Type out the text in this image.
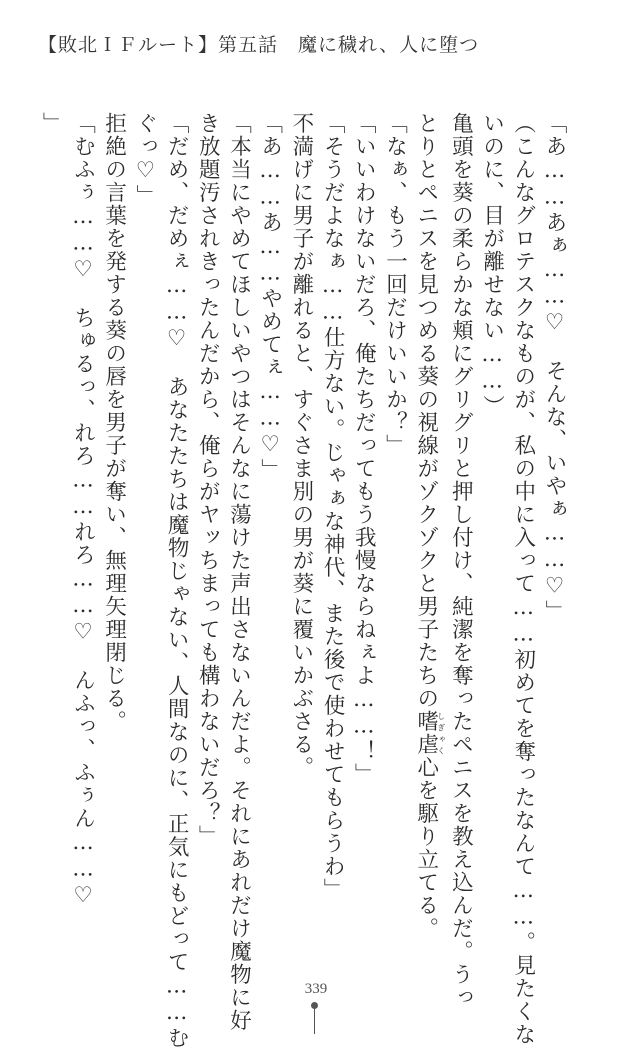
【敗北ＩＦルート】第五話　魔に穢れ、人に堕つ
「あ……あぁ……♡　そんな、いやぁ……♡」
（こんなグロテスクなものが、私の中に入って……初めてを奪ったなんて……。見たくな
いのに、目が離せない……）
亀頭を葵の柔らかな頬にグリグリと押し付け、純潔を奪ったペニスを教え込んだ。うっ
とりとペニスを見つめる葵の視線がゾクゾクと男子たちの嗜虐しぎゃく心を駆り立てる。
「なぁ、もう一回だけいいか？」
「いいわけないだろ、俺たちだってもう我慢ならねぇよ……！」
「そうだよなぁ……仕方ない。じゃぁな神代、また後で使わせてもらうわ」
不満げに男子が離れると、すぐさま別の男が葵に覆いかぶさる。
「あ……あ……やめてぇ……♡」
「本当にやめてほしいやつはそんなに蕩けた声出さないんだよ。それにあれだけ魔物に好
き放題汚されきったんだから、俺らがヤッちまっても構わないだろ？」
「だめ、だめぇ……♡　あなたたちは魔物じゃない、人間なのに、正気にもどって……む
ぐっ♡」
拒絶の言葉を発する葵の唇を男子が奪い、無理矢理閉じる。
「むふぅ……♡　ちゅるっ、れろ……れろ……♡　んふっ、ふぅん……♡
」
339
